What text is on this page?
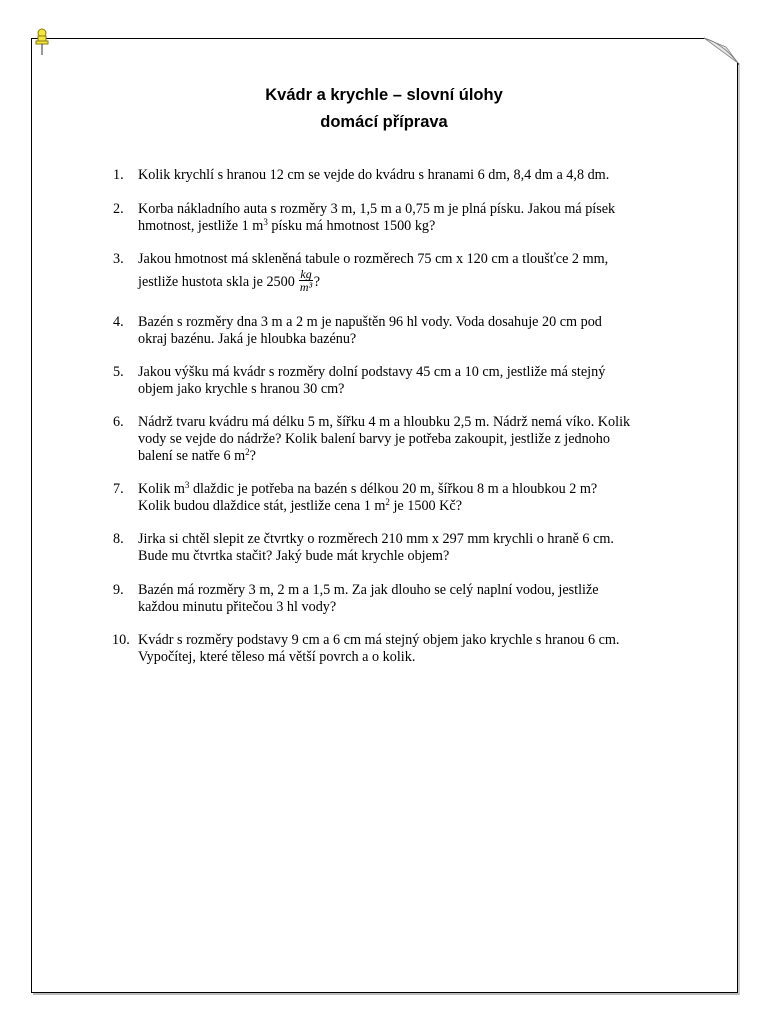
Kvádr a krychle – slovní úlohy
domácí příprava
1.	Kolik krychlí s hranou 12 cm se vejde do kvádru s hranami 6 dm, 8,4 dm a 4,8 dm.
2.	Korba nákladního auta s rozměry 3 m, 1,5 m a 0,75 m je plná písku. Jakou má písek
hmotnost, jestliže 1 $m^3$ písku má hmotnost 1500 kg?
3.	Jakou hmotnost má skleněná tabule o rozměrech 75 cm x 120 cm a tloušťce 2 mm,
jestliže hustota skla je $2500 \frac{kg}{\text{m³}}$ ?
4.	Bazén s rozměry dna 3 m a 2 m je napuštěn 96 hl vody. Voda dosahuje 20 cm pod
okraj bazénu. Jaká je hloubka bazénu?
5.	Jakou výšku má kvádr s rozměry dolní podstavy 45 cm a 10 cm, jestliže má stejný
objem jako krychle s hranou 30 cm?
6.	Nádrž tvaru kvádru má délku 5 m, šířku 4 m a hloubku 2,5 m. Nádrž nemá víko. Kolik
vody se vejde do nádrže? Kolik balení barvy je potřeba zakoupit, jestliže z jednoho
balení se natře 6 $m^2$?
7.	Kolik $m^3$ dlaždic je potřeba na bazén s délkou 20 m, šířkou 8 m a hloubkou 2 m?
Kolik budou dlaždice stát, jestliže cena 1 $m^2$ je 1500 Kč?
8.	Jirka si chtěl slepit ze čtvrtky o rozměrech 210 mm x 297 mm krychli o hraně 6 cm.
Bude mu čtvrtka stačit? Jaký bude mát krychle objem?
9.	Bazén má rozměry 3 m, 2 m a 1,5 m. Za jak dlouho se celý naplní vodou, jestliže
každou minutu přitečou 3 hl vody?
10. Kvádr s rozměry podstavy 9 cm a 6 cm má stejný objem jako krychle s hranou 6 cm.
Vypočítej, které těleso má větší povrch a o kolik.
